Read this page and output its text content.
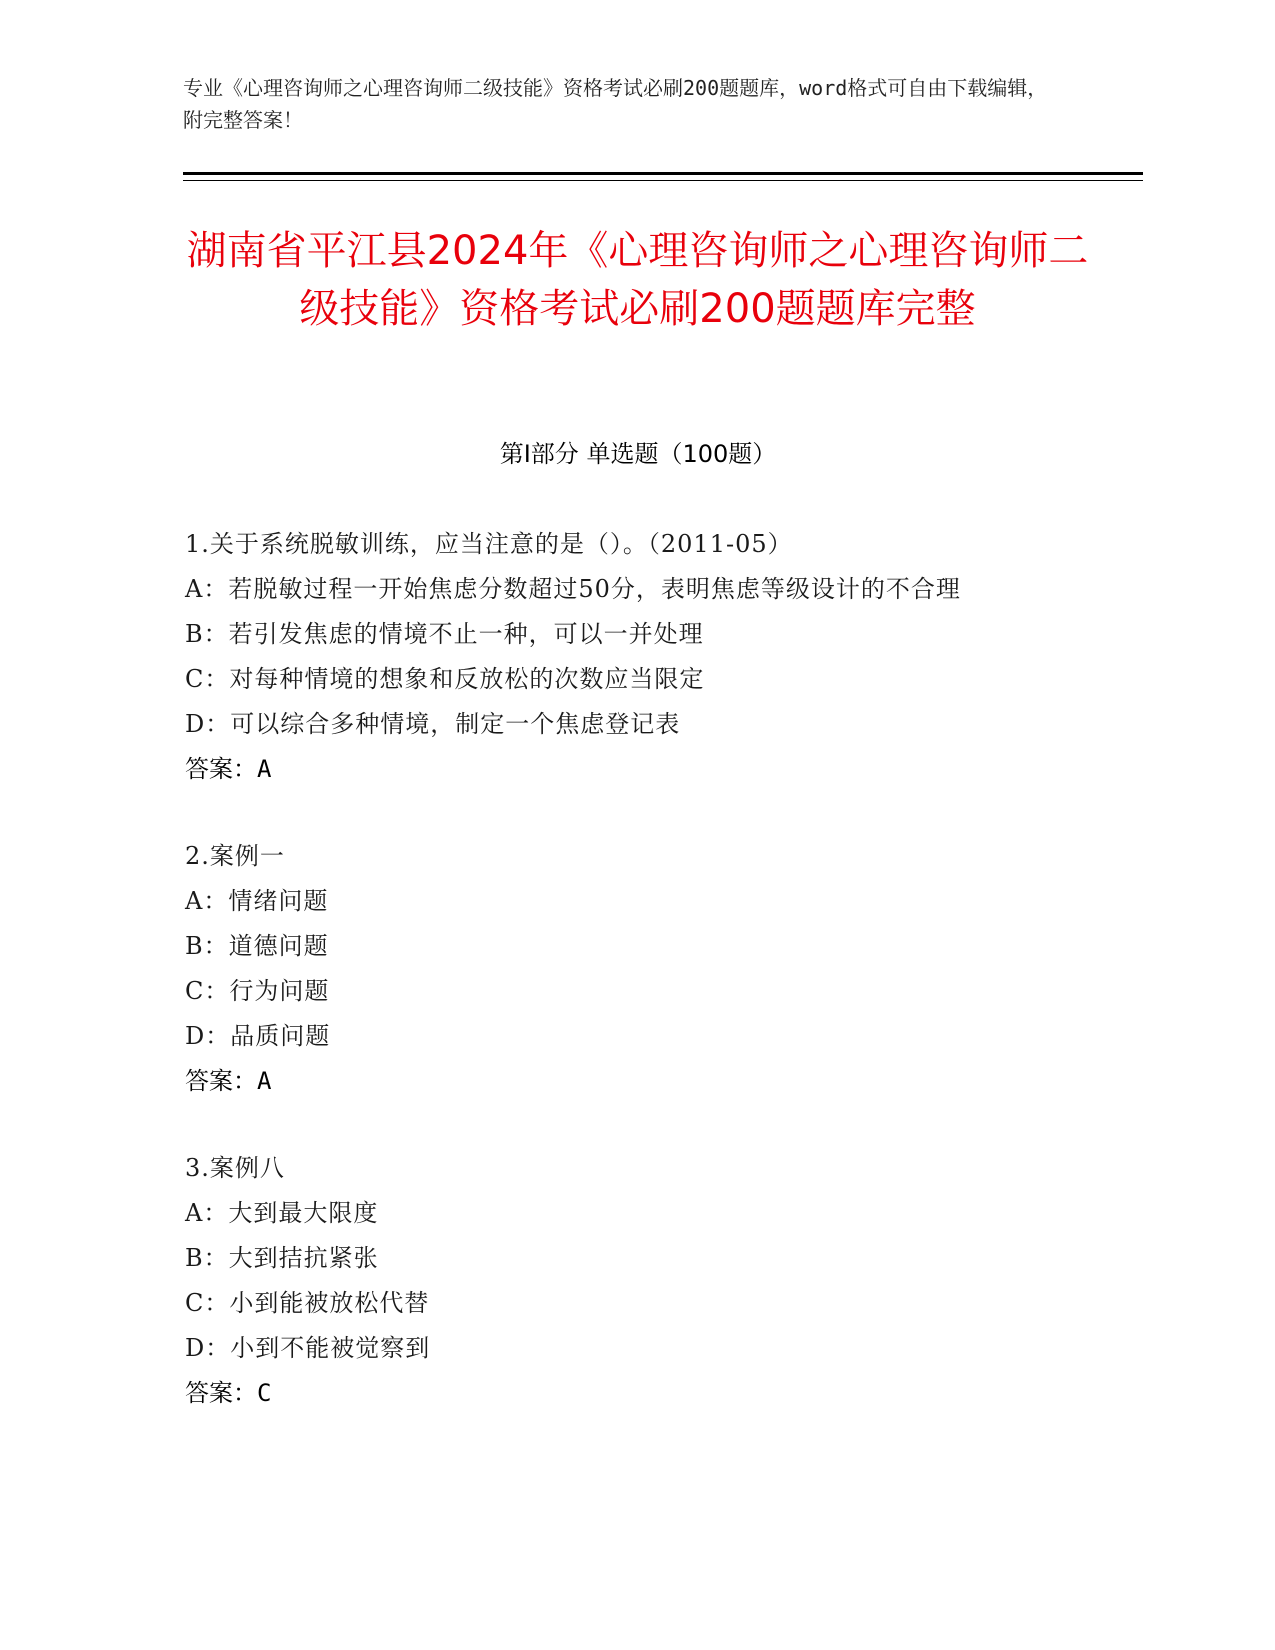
专业《心理咨询师之心理咨询师二级技能》资格考试必刷200题题库，word格式可自由下载编辑，附完整答案！

湖南省平江县2024年《心理咨询师之心理咨询师二级技能》资格考试必刷200题题库完整
第I部分 单选题（100题）
1.关于系统脱敏训练，应当注意的是（）。（2011-05）
A：若脱敏过程一开始焦虑分数超过50分，表明焦虑等级设计的不合理
B：若引发焦虑的情境不止一种，可以一并处理
C：对每种情境的想象和反放松的次数应当限定
D：可以综合多种情境，制定一个焦虑登记表
答案：A
2.案例一
A：情绪问题
B：道德问题
C：行为问题
D：品质问题
答案：A
3.案例八
A：大到最大限度
B：大到拮抗紧张
C：小到能被放松代替
D：小到不能被觉察到
答案：C
